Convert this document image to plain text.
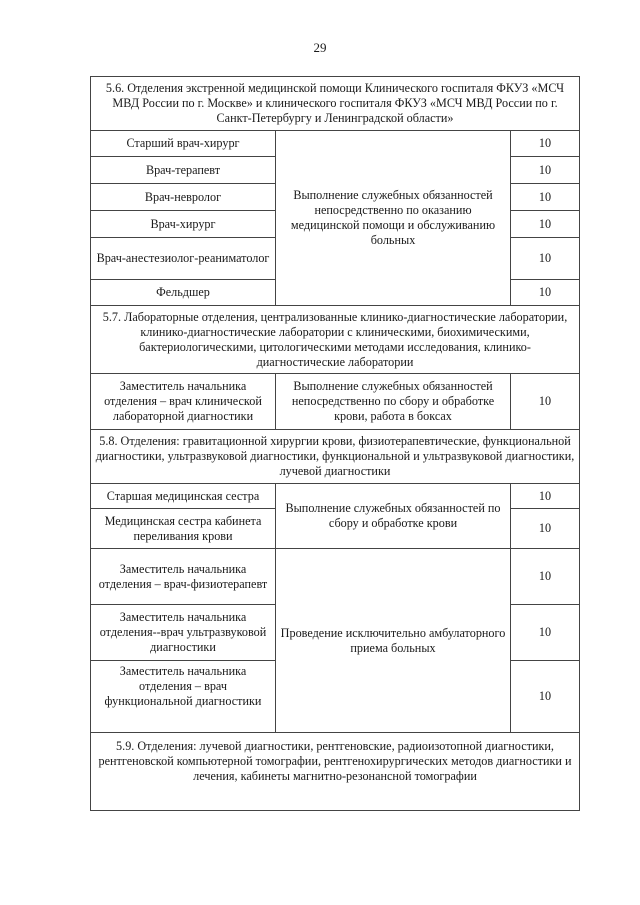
29
5.6. Отделения экстренной медицинской помощи Клинического госпиталя ФКУЗ «МСЧ МВД России по г. Москве» и клинического госпиталя ФКУЗ «МСЧ МВД России по г. Санкт-Петербургу и Ленинградской области»		
Старший врач-хирург	Выполнение служебных обязанностей непосредственно по оказанию медицинской помощи и обслуживанию больных	10
Врач-терапевт		10
Врач-невролог		10
Врач-хирург		10
Врач-анестезиолог-реаниматолог		10
Фельдшер		10
5.7. Лабораторные отделения, централизованные клинико-диагностические лаборатории, клинико-диагностические лаборатории с клиническими, биохимическими, бактериологическими, цитологическими методами исследования, клинико-диагностические лаборатории		
Заместитель начальника отделения – врач клинической лабораторной диагностики	Выполнение служебных обязанностей непосредственно по сбору и обработке крови, работа в боксах	10
5.8. Отделения: гравитационной хирургии крови, физиотерапевтические, функциональной диагностики, ультразвуковой диагностики, функциональной и ультразвуковой диагностики, лучевой диагностики		
Старшая медицинская сестра	Выполнение служебных обязанностей по сбору и обработке крови	10
Медицинская сестра кабинета переливания крови		10
Заместитель начальника отделения – врач-физиотерапевт	Проведение исключительно амбулаторного приема больных	10
Заместитель начальника отделения--врач ультразвуковой диагностики		10
Заместитель начальника отделения – врач функциональной диагностики		10
5.9. Отделения: лучевой диагностики, рентгеновские, радиоизотопной диагностики, рентгеновской компьютерной томографии, рентгенохирургических методов диагностики и лечения, кабинеты магнитно-резонансной томографии		
